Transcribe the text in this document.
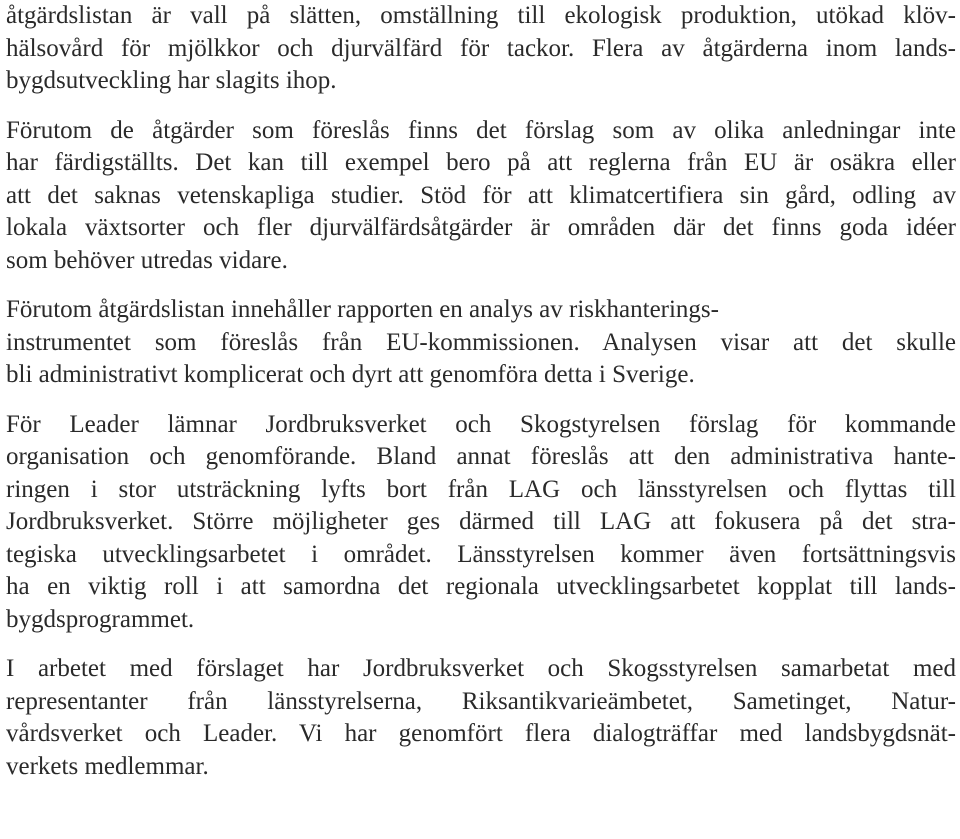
åtgärdslistan är vall på slätten, omställning till ekologisk produktion, utökad klöv-
hälsovård för mjölkkor och djurvälfärd för tackor. Flera av åtgärderna inom lands-
bygdsutveckling har slagits ihop.
Förutom de åtgärder som föreslås finns det förslag som av olika anledningar inte
har färdigställts. Det kan till exempel bero på att reglerna från EU är osäkra eller
att det saknas vetenskapliga studier. Stöd för att klimatcertifiera sin gård, odling av
lokala växtsorter och fler djurvälfärdsåtgärder är områden där det finns goda idéer
som behöver utredas vidare.
Förutom åtgärdslistan innehåller rapporten en analys av riskhanterings-
instrumentet som föreslås från EU-kommissionen. Analysen visar att det skulle
bli administrativt komplicerat och dyrt att genomföra detta i Sverige.
För Leader lämnar Jordbruksverket och Skogstyrelsen förslag för kommande
organisation och genomförande. Bland annat föreslås att den administrativa hante-
ringen i stor utsträckning lyfts bort från LAG och länsstyrelsen och flyttas till
Jordbruksverket. Större möjligheter ges därmed till LAG att fokusera på det stra-
tegiska utvecklingsarbetet i området. Länsstyrelsen kommer även fortsättningsvis
ha en viktig roll i att samordna det regionala utvecklingsarbetet kopplat till lands-
bygdsprogrammet.
I arbetet med förslaget har Jordbruksverket och Skogsstyrelsen samarbetat med
representanter från länsstyrelserna, Riksantikvarieämbetet, Sametinget, Natur-
vårdsverket och Leader. Vi har genomfört flera dialogträffar med landsbygdsnät-
verkets medlemmar.
